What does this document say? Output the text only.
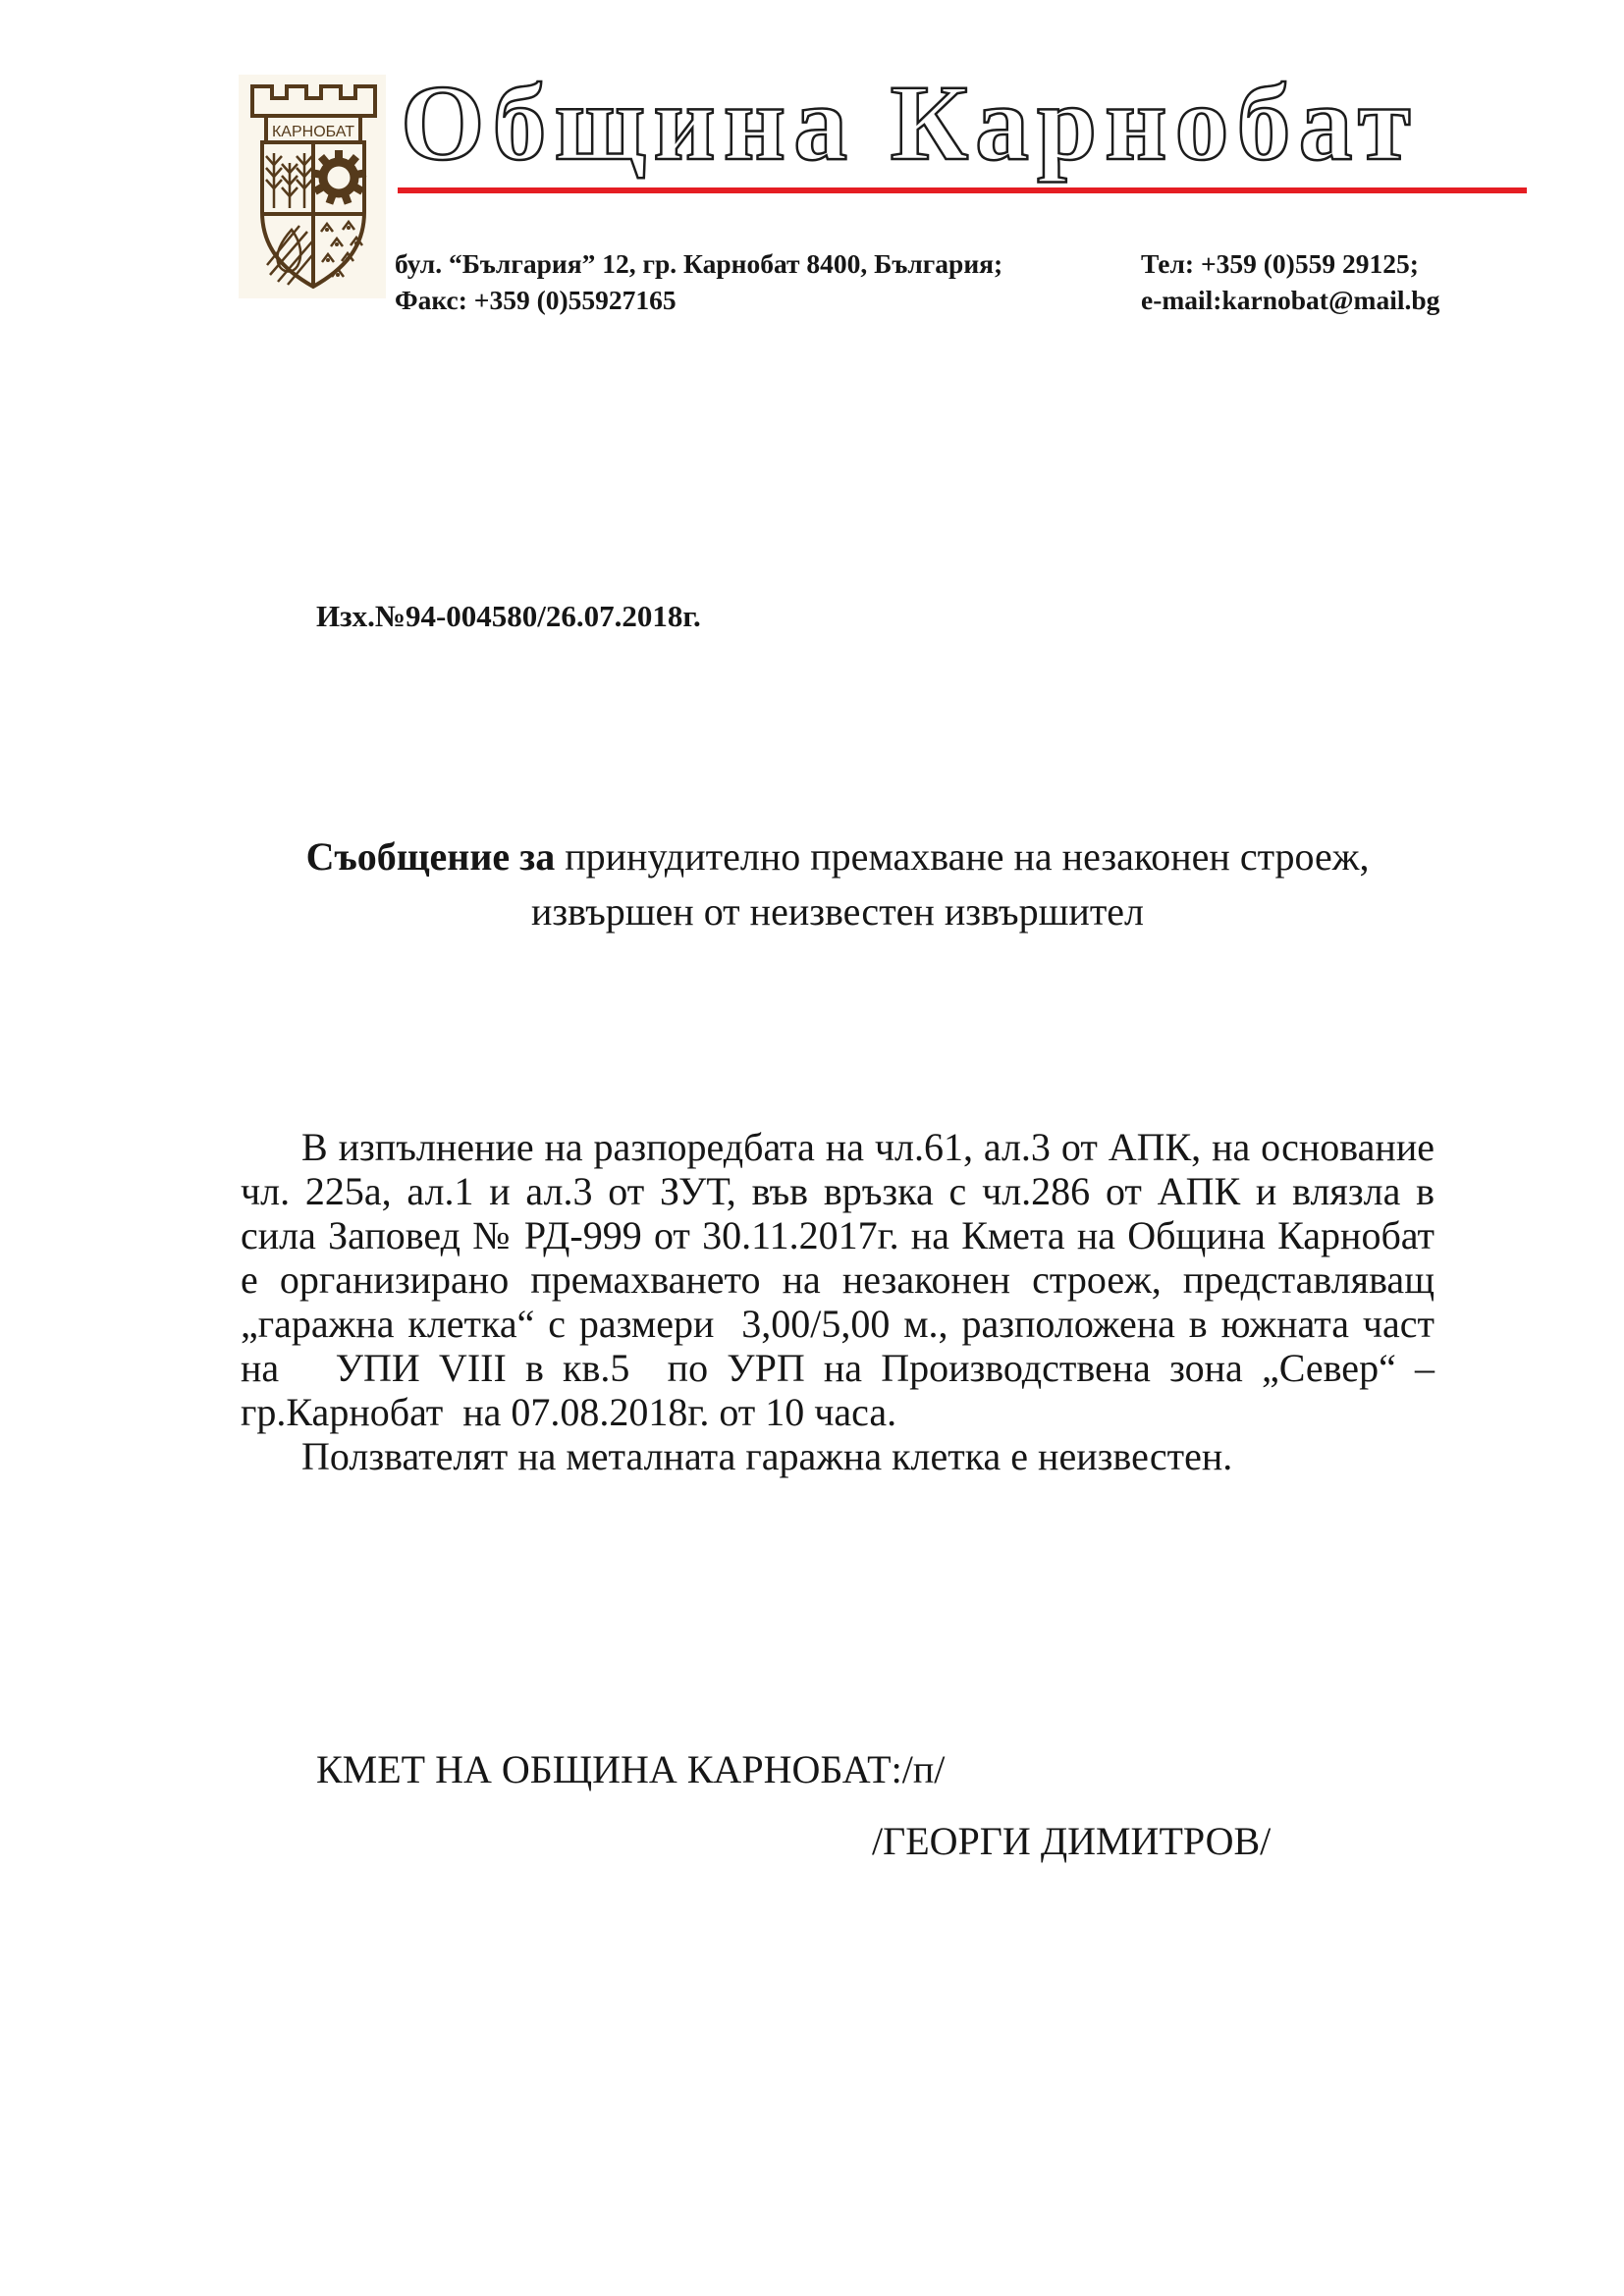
КАРНОБАТ Община Карнобат
бул. “България” 12, гр. Карнобат 8400, България;
Факс: +359 (0)55927165
Тел: +359 (0)559 29125;
e-mail:karnobat@mail.bg
Изх.№94-004580/26.07.2018г.
Съобщение за принудително премахване на незаконен строеж,
извършен от неизвестен извършител

В изпълнение на разпоредбата на чл.61, ал.3 от АПК, на основание чл. 225а, ал.1 и ал.3 от ЗУТ, във връзка с чл.286 от АПК и влязла в сила Заповед № РД-999 от 30.11.2017г. на Кмета на Община Карнобат е организирано премахването на незаконен строеж, представляващ „гаражна клетка“ с размери  3,00/5,00 м., разположена в южната част на   УПИ VIII в кв.5  по УРП на Производствена зона „Север“ – гр.Карнобат  на 07.08.2018г. от 10 часа.

Ползвателят на металната гаражна клетка е неизвестен.

КМЕТ НА ОБЩИНА КАРНОБАТ:/п/
/ГЕОРГИ ДИМИТРОВ/
